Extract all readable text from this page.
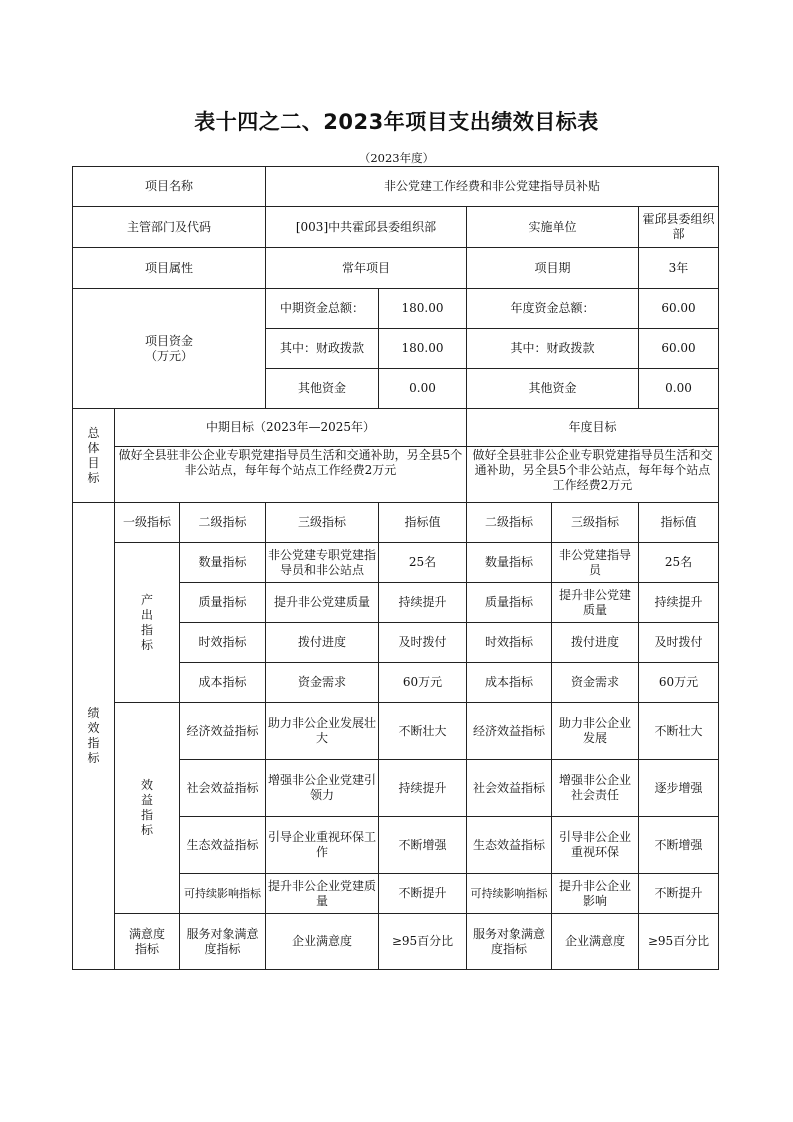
表十四之二、2023年项目支出绩效目标表
（2023年度）
项目名称			非公党建工作经费和非公党建指导员补贴				
主管部门及代码			[003]中共霍邱县委组织部		实施单位		霍邱县委组织部
项目属性			常年项目		项目期		3年

项目资金
（万元）			中期资金总额：	180.00	年度资金总额：		60.00
			其中：财政拨款	180.00	其中：财政拨款		60.00
			其他资金	0.00	其他资金		0.00

总
体
目
标	中期目标（2023年—2025年）				年度目标		
	做好全县驻非公企业专职党建指导员生活和交通补助，另全县5个非公站点，每年每个站点工作经费2万元				做好全县驻非公企业专职党建指导员生活和交通补助，另全县5个非公站点，每年每个站点工作经费2万元		

绩
效
指
标	一级指标	二级指标	三级指标	指标值	二级指标	三级指标	指标值

	产
出
指
标	数量指标	非公党建专职党建指导员和非公站点	25名	数量指标	非公党建指导员	25名
		质量指标	提升非公党建质量	持续提升	质量指标	提升非公党建质量	持续提升
		时效指标	拨付进度	及时拨付	时效指标	拨付进度	及时拨付
		成本指标	资金需求	60万元	成本指标	资金需求	60万元

	效
益
指
标	经济效益指标	助力非公企业发展壮大	不断壮大	经济效益指标	助力非公企业发展	不断壮大
		社会效益指标	增强非公企业党建引领力	持续提升	社会效益指标	增强非公企业社会责任	逐步增强
		生态效益指标	引导企业重视环保工作	不断增强	生态效益指标	引导非公企业重视环保	不断增强
		可持续影响指标	提升非公企业党建质量	不断提升	可持续影响指标	提升非公企业影响	不断提升

	满意度
指标	服务对象满意度指标	企业满意度	≥95百分比	服务对象满意度指标	企业满意度	≥95百分比
